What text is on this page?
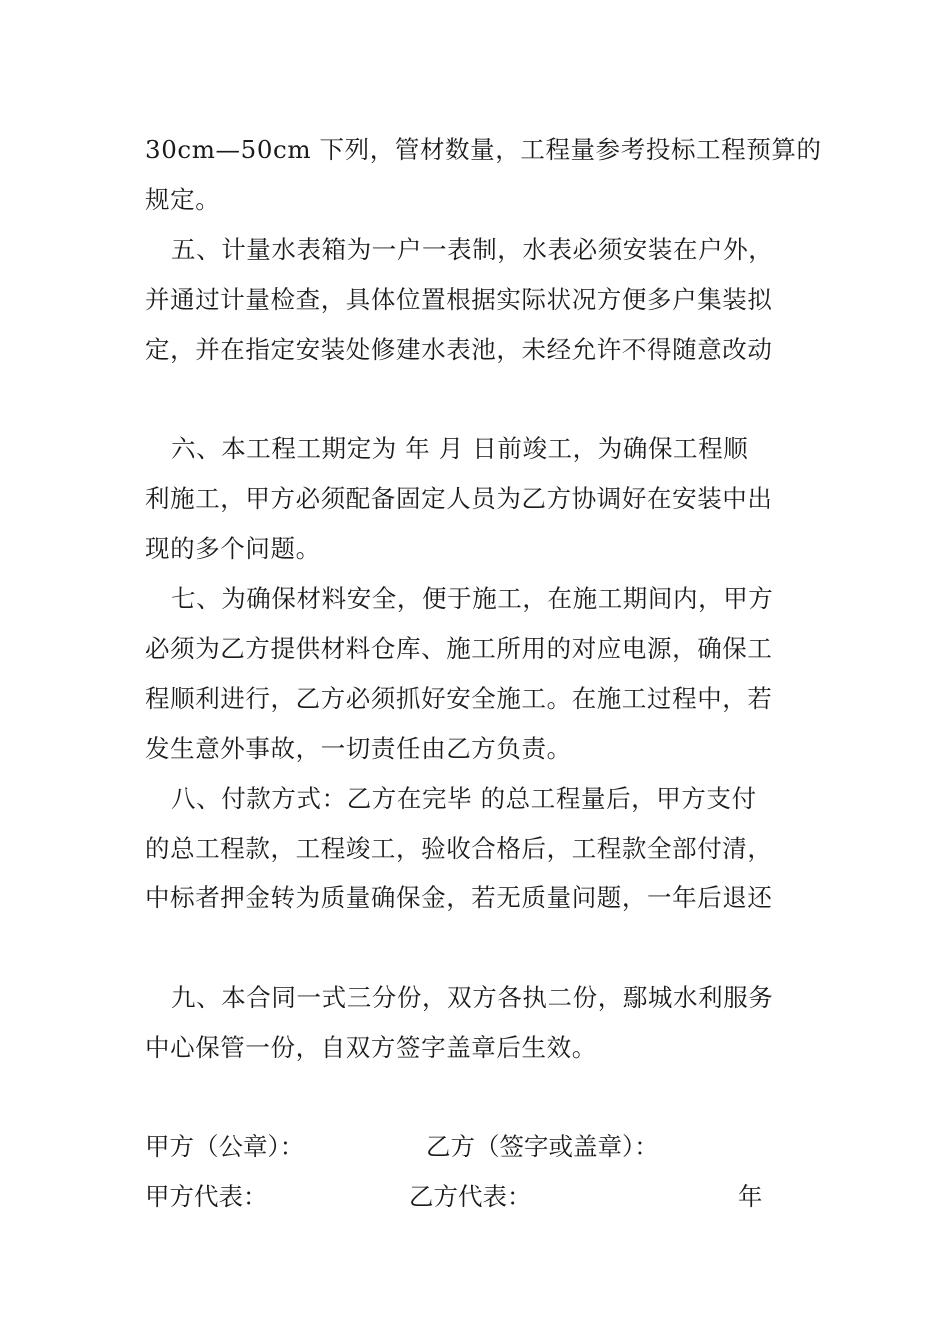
30cm—50cm 下列，管材数量，工程量参考投标工程预算的
规定。
五、计量水表箱为一户一表制，水表必须安装在户外，
并通过计量检查，具体位置根据实际状况方便多户集装拟
定，并在指定安装处修建水表池，未经允许不得随意改动
六、本工程工期定为 年 月 日前竣工，为确保工程顺
利施工，甲方必须配备固定人员为乙方协调好在安装中出
现的多个问题。
七、为确保材料安全，便于施工，在施工期间内，甲方
必须为乙方提供材料仓库、施工所用的对应电源，确保工
程顺利进行，乙方必须抓好安全施工。在施工过程中，若
发生意外事故，一切责任由乙方负责。
八、付款方式：乙方在完毕 的总工程量后，甲方支付
的总工程款，工程竣工，验收合格后，工程款全部付清，
中标者押金转为质量确保金，若无质量问题，一年后退还
九、本合同一式三分份，双方各执二份，鄢城水利服务
中心保管一份，自双方签字盖章后生效。
甲方（公章）：	乙方（签字或盖章）：
甲方代表：	乙方代表：	年
